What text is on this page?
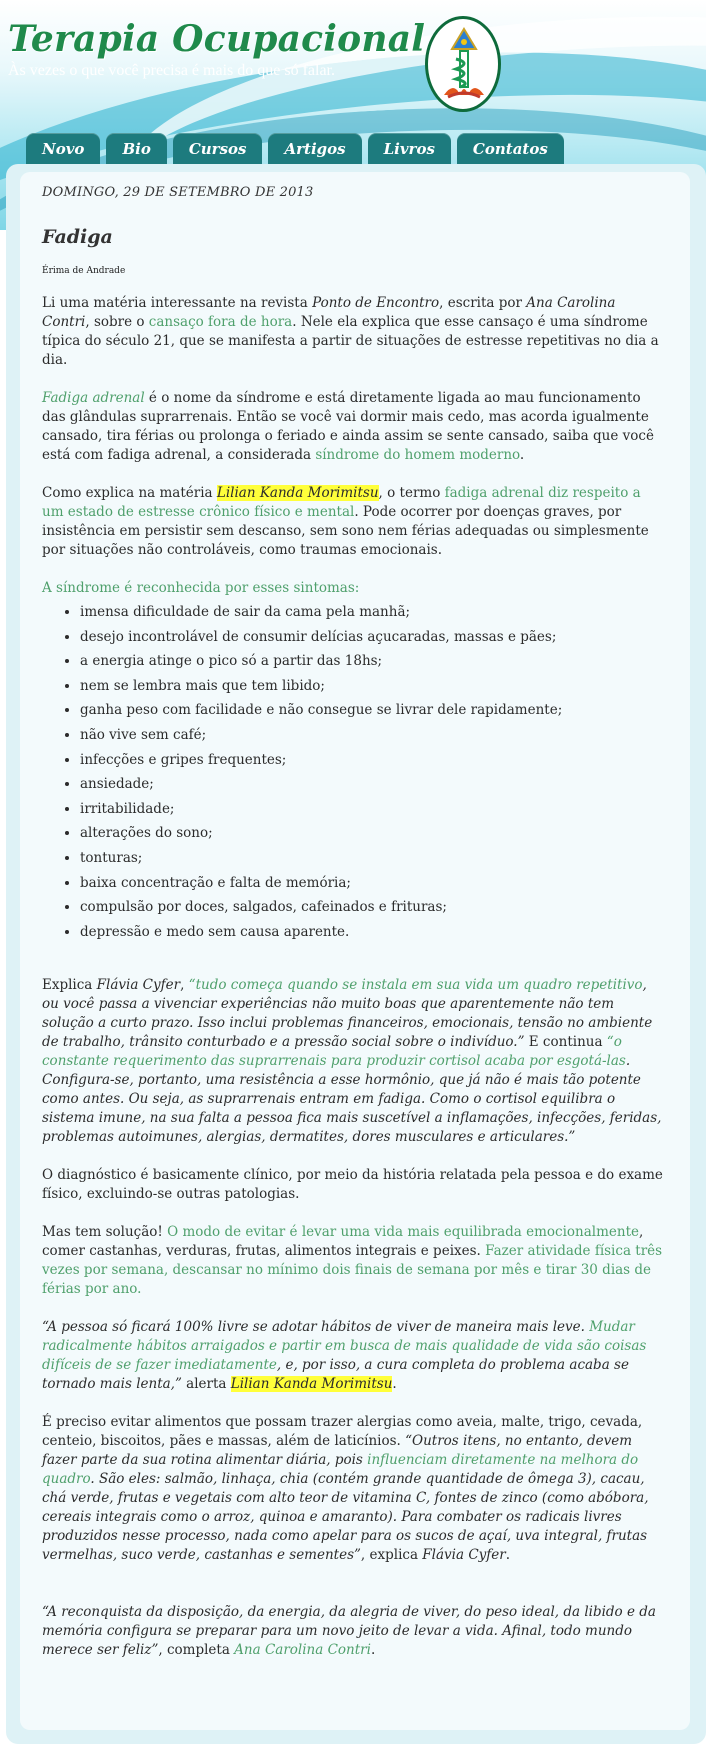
Terapia Ocupacional
Às vezes o que você precisa é mais do que só falar.
Novo	Bio	Cursos	Artigos	Livros	Contatos
DOMINGO, 29 DE SETEMBRO DE 2013
Fadiga
Érima de Andrade

Li uma matéria interessante na revista Ponto de Encontro, escrita por Ana Carolina Contri, sobre o cansaço fora de hora. Nele ela explica que esse cansaço é uma síndrome típica do século 21, que se manifesta a partir de situações de estresse repetitivas no dia a dia.

Fadiga adrenal é o nome da síndrome e está diretamente ligada ao mau funcionamento das glândulas suprarrenais. Então se você vai dormir mais cedo, mas acorda igualmente cansado, tira férias ou prolonga o feriado e ainda assim se sente cansado, saiba que você está com fadiga adrenal, a considerada síndrome do homem moderno.

Como explica na matéria Lilian Kanda Morimitsu, o termo fadiga adrenal diz respeito a um estado de estresse crônico físico e mental. Pode ocorrer por doenças graves, por insistência em persistir sem descanso, sem sono nem férias adequadas ou simplesmente por situações não controláveis, como traumas emocionais.

A síndrome é reconhecida por esses sintomas:

• imensa dificuldade de sair da cama pela manhã;
• desejo incontrolável de consumir delícias açucaradas, massas e pães;
• a energia atinge o pico só a partir das 18hs;
• nem se lembra mais que tem libido;
• ganha peso com facilidade e não consegue se livrar dele rapidamente;
• não vive sem café;
• infecções e gripes frequentes;
• ansiedade;
• irritabilidade;
• alterações do sono;
• tonturas;
• baixa concentração e falta de memória;
• compulsão por doces, salgados, cafeinados e frituras;
• depressão e medo sem causa aparente.

Explica Flávia Cyfer, “tudo começa quando se instala em sua vida um quadro repetitivo, ou você passa a vivenciar experiências não muito boas que aparentemente não tem solução a curto prazo. Isso inclui problemas financeiros, emocionais, tensão no ambiente de trabalho, trânsito conturbado e a pressão social sobre o indivíduo.” E continua “o constante requerimento das suprarrenais para produzir cortisol acaba por esgotá-las. Configura-se, portanto, uma resistência a esse hormônio, que já não é mais tão potente como antes. Ou seja, as suprarrenais entram em fadiga. Como o cortisol equilibra o sistema imune, na sua falta a pessoa fica mais suscetível a inflamações, infecções, feridas, problemas autoimunes, alergias, dermatites, dores musculares e articulares.”

O diagnóstico é basicamente clínico, por meio da história relatada pela pessoa e do exame físico, excluindo-se outras patologias.

Mas tem solução! O modo de evitar é levar uma vida mais equilibrada emocionalmente, comer castanhas, verduras, frutas, alimentos integrais e peixes. Fazer atividade física três vezes por semana, descansar no mínimo dois finais de semana por mês e tirar 30 dias de férias por ano.

“A pessoa só ficará 100% livre se adotar hábitos de viver de maneira mais leve. Mudar radicalmente hábitos arraigados e partir em busca de mais qualidade de vida são coisas difíceis de se fazer imediatamente, e, por isso, a cura completa do problema acaba se tornado mais lenta,” alerta Lilian Kanda Morimitsu.

É preciso evitar alimentos que possam trazer alergias como aveia, malte, trigo, cevada, centeio, biscoitos, pães e massas, além de laticínios. “Outros itens, no entanto, devem fazer parte da sua rotina alimentar diária, pois influenciam diretamente na melhora do quadro. São eles: salmão, linhaça, chia (contém grande quantidade de ômega 3), cacau, chá verde, frutas e vegetais com alto teor de vitamina C, fontes de zinco (como abóbora, cereais integrais como o arroz, quinoa e amaranto). Para combater os radicais livres produzidos nesse processo, nada como apelar para os sucos de açaí, uva integral, frutas vermelhas, suco verde, castanhas e sementes”, explica Flávia Cyfer.

“A reconquista da disposição, da energia, da alegria de viver, do peso ideal, da libido e da memória configura se preparar para um novo jeito de levar a vida. Afinal, todo mundo merece ser feliz”, completa Ana Carolina Contri.
